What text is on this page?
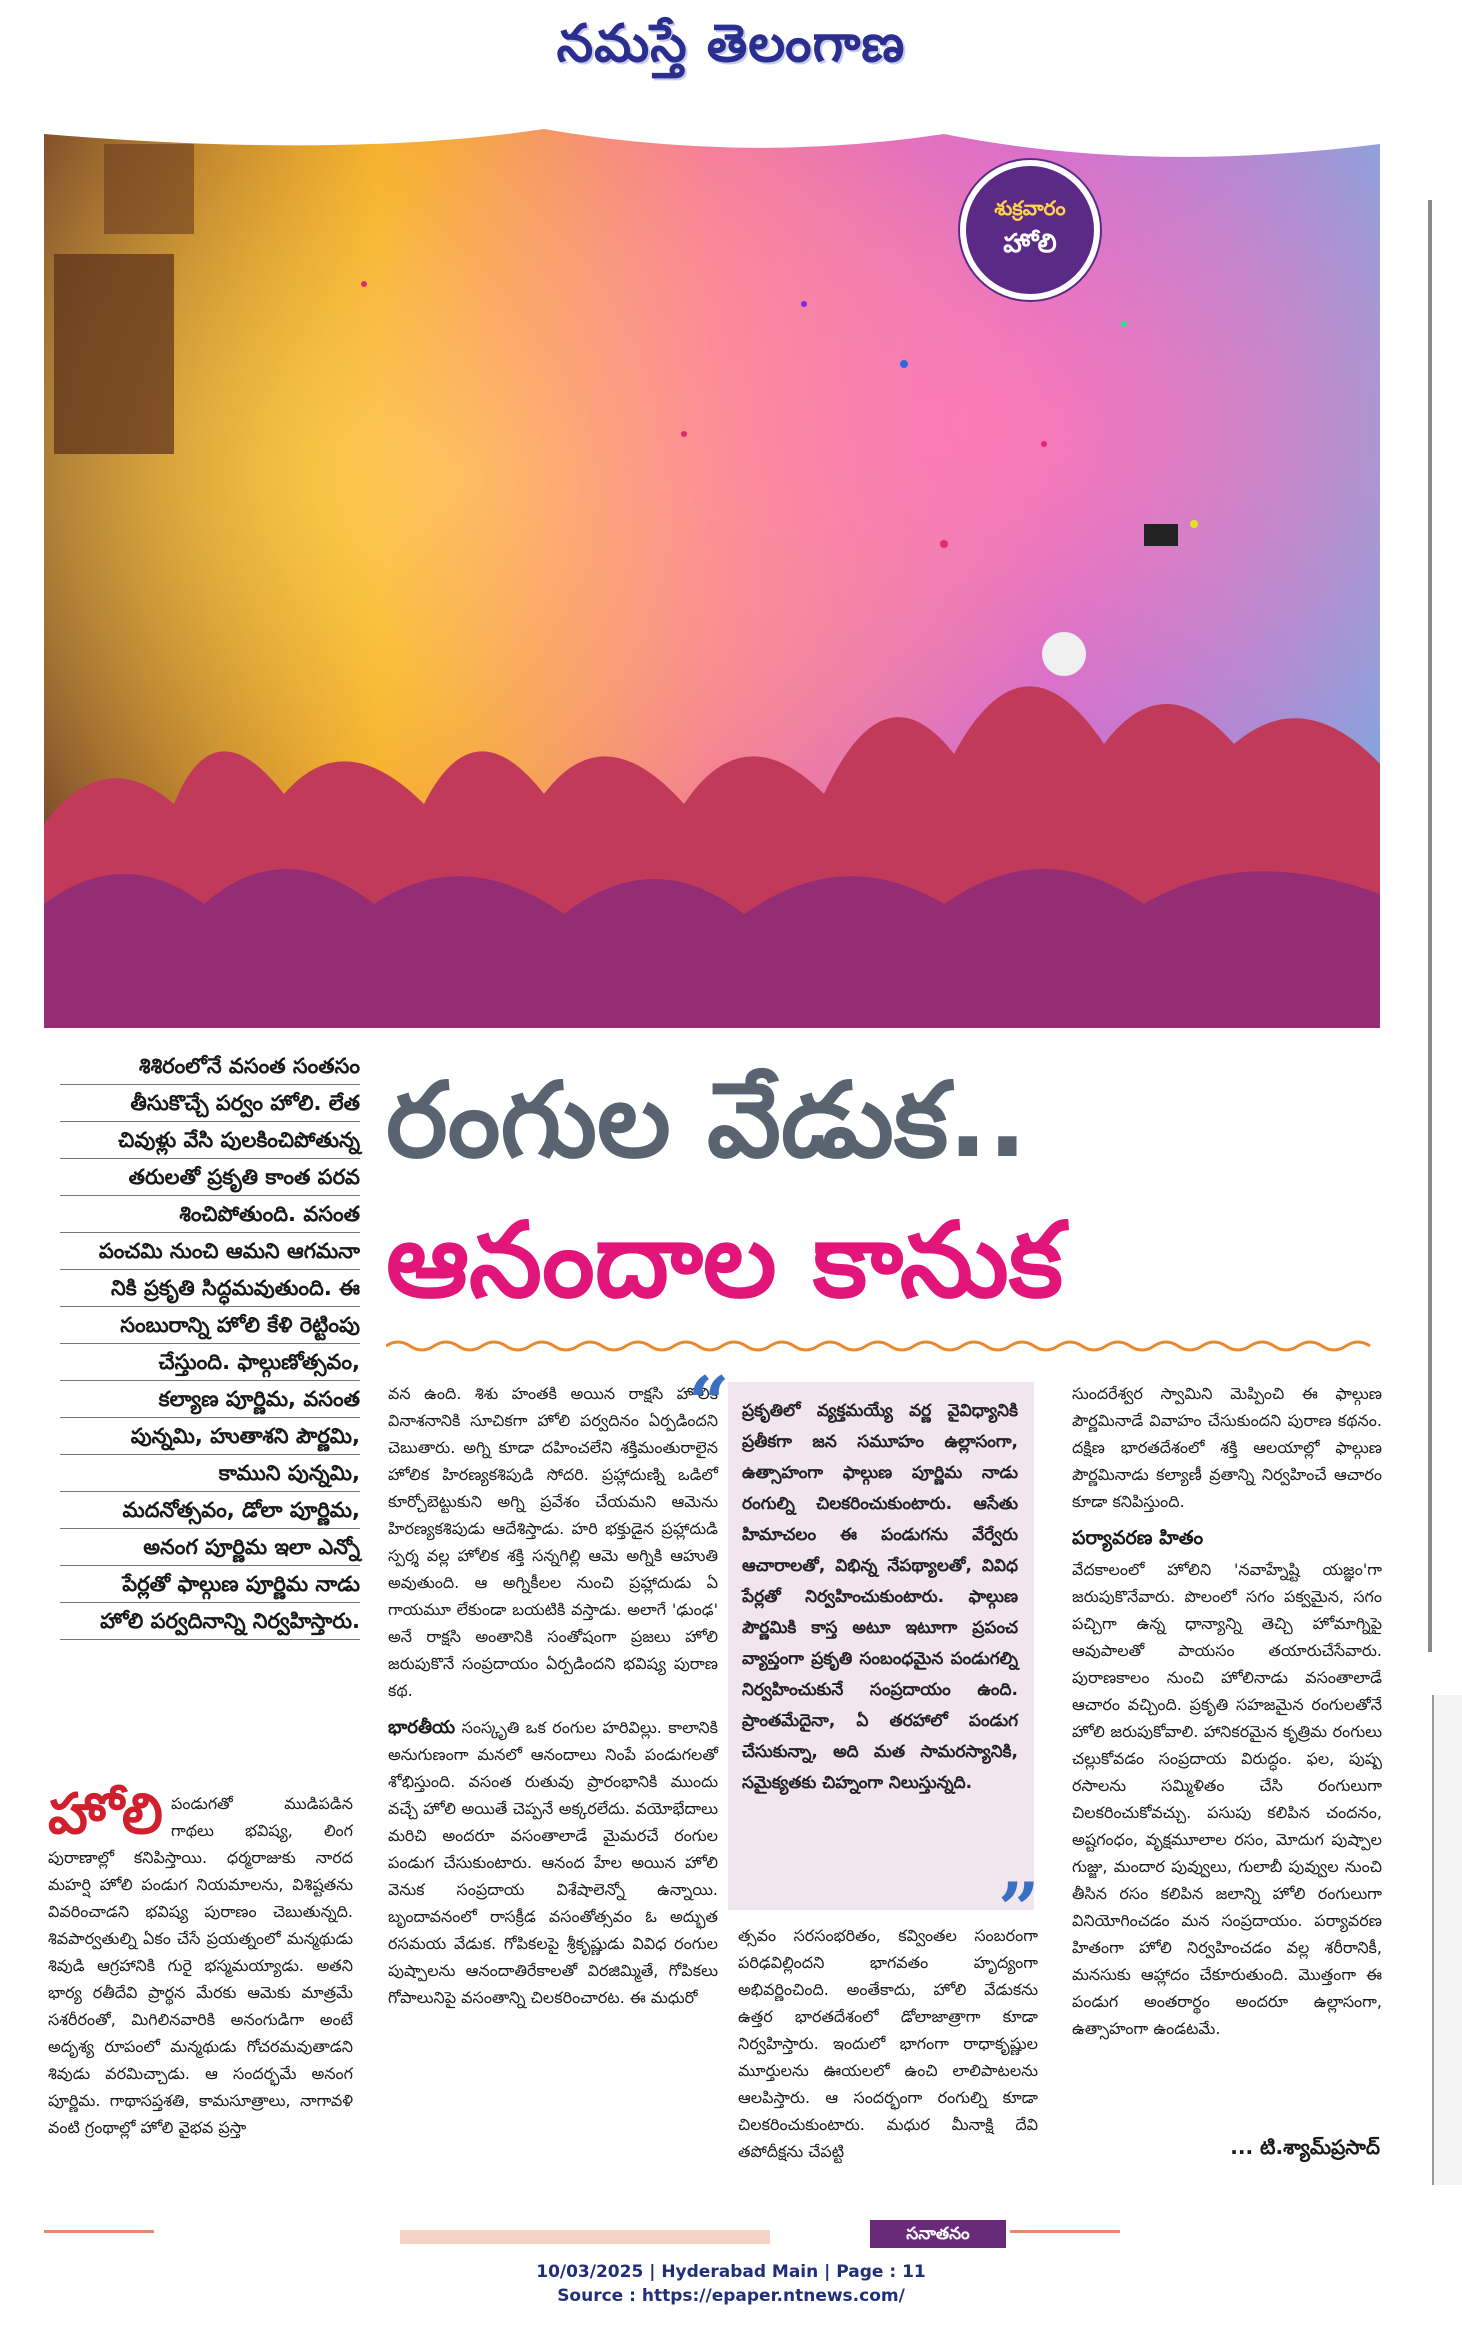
నమస్తే తెలంగాణ
శుక్రవారం
హోలి

శిశిరంలోనే వసంత సంతసం

తీసుకొచ్చే పర్వం హోలి. లేత

చివుళ్లు వేసి పులకించిపోతున్న

తరులతో ప్రకృతి కాంత పరవ

శించిపోతుంది. వసంత

పంచమి నుంచి ఆమని ఆగమనా

నికి ప్రకృతి సిద్ధమవుతుంది. ఈ

సంబురాన్ని హోలి కేళి రెట్టింపు

చేస్తుంది. ఫాల్గుణోత్సవం,

కల్యాణ పూర్ణిమ, వసంత

పున్నమి, హుతాశని పౌర్ణమి,

కాముని పున్నమి,

మదనోత్సవం, డోలా పూర్ణిమ,

అనంగ పూర్ణిమ ఇలా ఎన్నో

పేర్లతో ఫాల్గుణ పూర్ణిమ నాడు

హోలి పర్వదినాన్ని నిర్వహిస్తారు.

రంగుల వేడుక..
ఆనందాల కానుక
హోలి పండుగతో ముడిపడిన గాథలు భవిష్య, లింగ పురాణాల్లో కనిపిస్తాయి. ధర్మరాజుకు నారద మహర్షి హోలి పండుగ నియమాలను, విశిష్టతను వివరించాడని భవిష్య పురాణం చెబుతున్నది. శివపార్వతుల్ని ఏకం చేసే ప్రయత్నంలో మన్మథుడు శివుడి ఆగ్రహానికి గురై భస్మమయ్యాడు. అతని భార్య రతీదేవి ప్రార్థన మేరకు ఆమెకు మాత్రమే సశరీరంతో, మిగిలినవారికి అనంగుడిగా అంటే అదృశ్య రూపంలో మన్మథుడు గోచరమవుతాడని శివుడు వరమిచ్చాడు. ఆ సందర్భమే అనంగ పూర్ణిమ. గాథాసప్తశతి, కామసూత్రాలు, నాగావళి వంటి గ్రంథాల్లో హోలి వైభవ ప్రస్తా

వన ఉంది. శిశు హంతకి అయిన రాక్షసి హోలిక వినాశనానికి సూచికగా హోలి పర్వదినం ఏర్పడిందని చెబుతారు. అగ్ని కూడా దహించలేని శక్తిమంతురాలైన హోలిక హిరణ్యకశిపుడి సోదరి. ప్రహ్లాదుణ్ని ఒడిలో కూర్చోబెట్టుకుని అగ్ని ప్రవేశం చేయమని ఆమెను హిరణ్యకశిపుడు ఆదేశిస్తాడు. హరి భక్తుడైన ప్రహ్లాదుడి స్పర్శ వల్ల హోలిక శక్తి సన్నగిల్లి ఆమె అగ్నికి ఆహుతి అవుతుంది. ఆ అగ్నికీలల నుంచి ప్రహ్లాదుడు ఏ గాయమూ లేకుండా బయటికి వస్తాడు. అలాగే 'ఢుంఢ' అనే రాక్షసి అంతానికి సంతోషంగా ప్రజలు హోలి జరుపుకొనే సంప్రదాయం ఏర్పడిందని భవిష్య పురాణ కథ.

భారతీయ సంస్కృతి ఒక రంగుల హరివిల్లు. కాలానికి అనుగుణంగా మనలో ఆనందాలు నింపే పండుగలతో శోభిస్తుంది. వసంత రుతువు ప్రారంభానికి ముందు వచ్చే హోలి అయితే చెప్పనే అక్కరలేదు. వయోభేదాలు మరిచి అందరూ వసంతాలాడే మైమరచే రంగుల పండుగ చేసుకుంటారు. ఆనంద హేల అయిన హోలి వెనుక సంప్రదాయ విశేషాలెన్నో ఉన్నాయి. బృందావనంలో రాసక్రీడ వసంతోత్సవం ఓ అద్భుత రసమయ వేడుక. గోపికలపై శ్రీకృష్ణుడు వివిధ రంగుల పుష్పాలను ఆనందాతిరేకాలతో విరజిమ్మితే, గోపికలు గోపాలునిపై వసంతాన్ని చిలకరించారట. ఈ మధురో

“ ప్రకృతిలో వ్యక్తమయ్యే వర్ణ వైవిధ్యానికి ప్రతీకగా జన సమూహం ఉల్లాసంగా, ఉత్సాహంగా ఫాల్గుణ పూర్ణిమ నాడు రంగుల్ని చిలకరించుకుంటారు. ఆసేతు హిమాచలం ఈ పండుగను వేర్వేరు ఆచారాలతో, విభిన్న నేపథ్యాలతో, వివిధ పేర్లతో నిర్వహించుకుంటారు. ఫాల్గుణ పౌర్ణమికి కాస్త అటూ ఇటూగా ప్రపంచ వ్యాప్తంగా ప్రకృతి సంబంధమైన పండుగల్ని నిర్వహించుకునే సంప్రదాయం ఉంది. ప్రాంతమేదైనా, ఏ తరహాలో పండుగ చేసుకున్నా, అది మత సామరస్యానికి, సమైక్యతకు చిహ్నంగా నిలుస్తున్నది.
”

త్సవం సరసంభరితం, కవ్వింతల సంబరంగా పరిఢవిల్లిందని భాగవతం హృద్యంగా అభివర్ణించింది. అంతేకాదు, హోలి వేడుకను ఉత్తర భారతదేశంలో డోలాజాత్రాగా కూడా నిర్వహిస్తారు. ఇందులో భాగంగా రాధాకృష్ణుల మూర్తులను ఊయలలో ఉంచి లాలిపాటలను ఆలపిస్తారు. ఆ సందర్భంగా రంగుల్ని కూడా చిలకరించుకుంటారు. మధుర మీనాక్షి దేవి తపోదీక్షను చేపట్టి

సుందరేశ్వర స్వామిని మెప్పించి ఈ ఫాల్గుణ పౌర్ణమినాడే వివాహం చేసుకుందని పురాణ కథనం. దక్షిణ భారతదేశంలో శక్తి ఆలయాల్లో ఫాల్గుణ పౌర్ణమినాడు కల్యాణీ వ్రతాన్ని నిర్వహించే ఆచారం కూడా కనిపిస్తుంది.

పర్యావరణ హితం

వేదకాలంలో హోలిని 'నవాహ్నేష్టి యజ్ఞం'గా జరుపుకొనేవారు. పొలంలో సగం పక్వమైన, సగం పచ్చిగా ఉన్న ధాన్యాన్ని తెచ్చి హోమాగ్నిపై ఆవుపాలతో పాయసం తయారుచేసేవారు. పురాణకాలం నుంచి హోలినాడు వసంతాలాడే ఆచారం వచ్చింది. ప్రకృతి సహజమైన రంగులతోనే హోలి జరుపుకోవాలి. హానికరమైన కృత్రిమ రంగులు చల్లుకోవడం సంప్రదాయ విరుద్ధం. ఫల, పుష్ప రసాలను సమ్మిళితం చేసి రంగులుగా చిలకరించుకోవచ్చు. పసుపు కలిపిన చందనం, అష్టగంధం, వృక్షమూలాల రసం, మోదుగ పుష్పాల గుజ్జు, మందార పువ్వులు, గులాబీ పువ్వుల నుంచి తీసిన రసం కలిపిన జలాన్ని హోలి రంగులుగా వినియోగించడం మన సంప్రదాయం. పర్యావరణ హితంగా హోలి నిర్వహించడం వల్ల శరీరానికీ, మనసుకు ఆహ్లాదం చేకూరుతుంది. మొత్తంగా ఈ పండుగ అంతరార్థం అందరూ ఉల్లాసంగా, ఉత్సాహంగా ఉండటమే.

... టి.శ్యామ్‌ప్రసాద్
సనాతనం
10/03/2025 | Hyderabad Main | Page : 11
Source : https://epaper.ntnews.com/
